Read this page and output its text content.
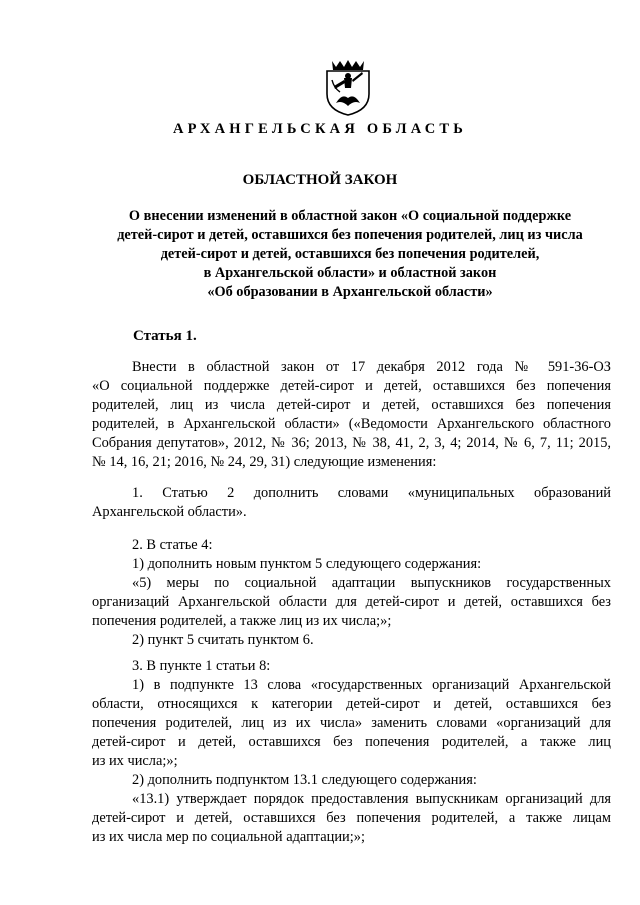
АРХАНГЕЛЬСКАЯ ОБЛАСТЬ
ОБЛАСТНОЙ ЗАКОН
О внесении изменений в областной закон «О социальной поддержке
детей-сирот и детей, оставшихся без попечения родителей, лиц из числа
детей-сирот и детей, оставшихся без попечения родителей,
в Архангельской области» и областной закон
«Об образовании в Архангельской области»
Статья 1.
Внести в областной закон от 17 декабря 2012 года № 591-36-ОЗ
«О социальной поддержке детей-сирот и детей, оставшихся без попечения
родителей, лиц из числа детей-сирот и детей, оставшихся без попечения
родителей, в Архангельской области» («Ведомости Архангельского областного
Собрания депутатов», 2012, № 36; 2013, № 38, 41, 2, 3, 4; 2014, № 6, 7, 11; 2015,
№ 14, 16, 21; 2016, № 24, 29, 31) следующие изменения:
1. Статью 2 дополнить словами «муниципальных образований
Архангельской области».
2. В статье 4:
1) дополнить новым пунктом 5 следующего содержания:
«5) меры по социальной адаптации выпускников государственных
организаций Архангельской области для детей-сирот и детей, оставшихся без
попечения родителей, а также лиц из их числа;»;
2) пункт 5 считать пунктом 6.
3. В пункте 1 статьи 8:
1) в подпункте 13 слова «государственных организаций Архангельской
области, относящихся к категории детей-сирот и детей, оставшихся без
попечения родителей, лиц из их числа» заменить словами «организаций для
детей-сирот и детей, оставшихся без попечения родителей, а также лиц
из их числа;»;
2) дополнить подпунктом 13.1 следующего содержания:
«13.1) утверждает порядок предоставления выпускникам организаций для
детей-сирот и детей, оставшихся без попечения родителей, а также лицам
из их числа мер по социальной адаптации;»;
